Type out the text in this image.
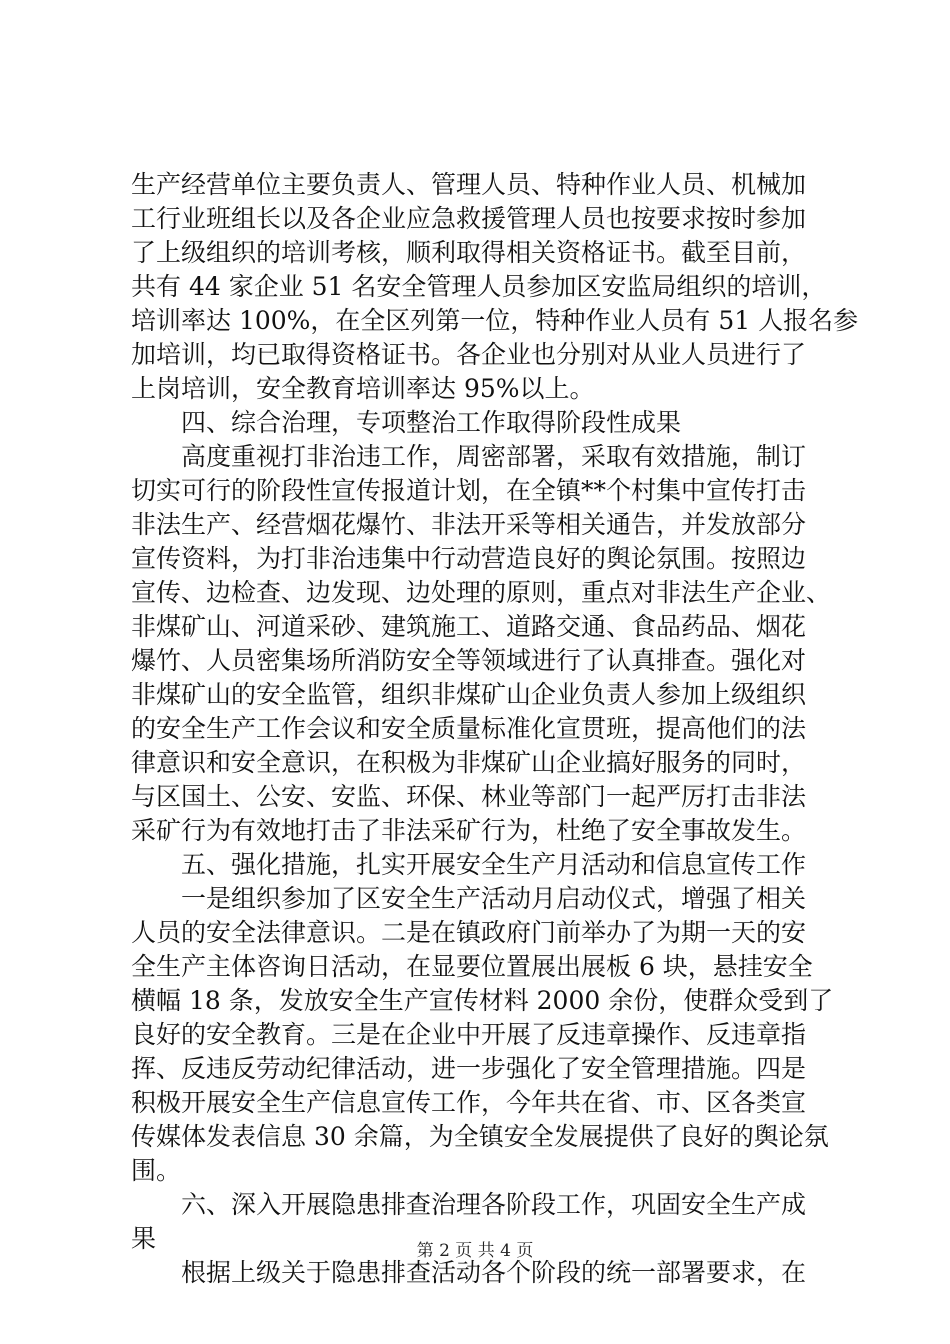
生产经营单位主要负责人、管理人员、特种作业人员、机械加
工行业班组长以及各企业应急救援管理人员也按要求按时参加
了上级组织的培训考核，顺利取得相关资格证书。截至目前，
共有 44 家企业 51 名安全管理人员参加区安监局组织的培训，
培训率达 100%，在全区列第一位，特种作业人员有 51 人报名参
加培训，均已取得资格证书。各企业也分别对从业人员进行了
上岗培训，安全教育培训率达 95%以上。
　　四、综合治理，专项整治工作取得阶段性成果
　　高度重视打非治违工作，周密部署，采取有效措施，制订
切实可行的阶段性宣传报道计划，在全镇**个村集中宣传打击
非法生产、经营烟花爆竹、非法开采等相关通告，并发放部分
宣传资料，为打非治违集中行动营造良好的舆论氛围。按照边
宣传、边检查、边发现、边处理的原则，重点对非法生产企业、
非煤矿山、河道采砂、建筑施工、道路交通、食品药品、烟花
爆竹、人员密集场所消防安全等领域进行了认真排查。强化对
非煤矿山的安全监管，组织非煤矿山企业负责人参加上级组织
的安全生产工作会议和安全质量标准化宣贯班，提高他们的法
律意识和安全意识，在积极为非煤矿山企业搞好服务的同时，
与区国土、公安、安监、环保、林业等部门一起严厉打击非法
采矿行为有效地打击了非法采矿行为，杜绝了安全事故发生。
　　五、强化措施，扎实开展安全生产月活动和信息宣传工作
　　一是组织参加了区安全生产活动月启动仪式，增强了相关
人员的安全法律意识。二是在镇政府门前举办了为期一天的安
全生产主体咨询日活动，在显要位置展出展板 6 块，悬挂安全
横幅 18 条，发放安全生产宣传材料 2000 余份，使群众受到了
良好的安全教育。三是在企业中开展了反违章操作、反违章指
挥、反违反劳动纪律活动，进一步强化了安全管理措施。四是
积极开展安全生产信息宣传工作，今年共在省、市、区各类宣
传媒体发表信息 30 余篇，为全镇安全发展提供了良好的舆论氛
围。
　　六、深入开展隐患排查治理各阶段工作，巩固安全生产成
果
　　根据上级关于隐患排查活动各个阶段的统一部署要求，在
第 2 页 共 4 页
